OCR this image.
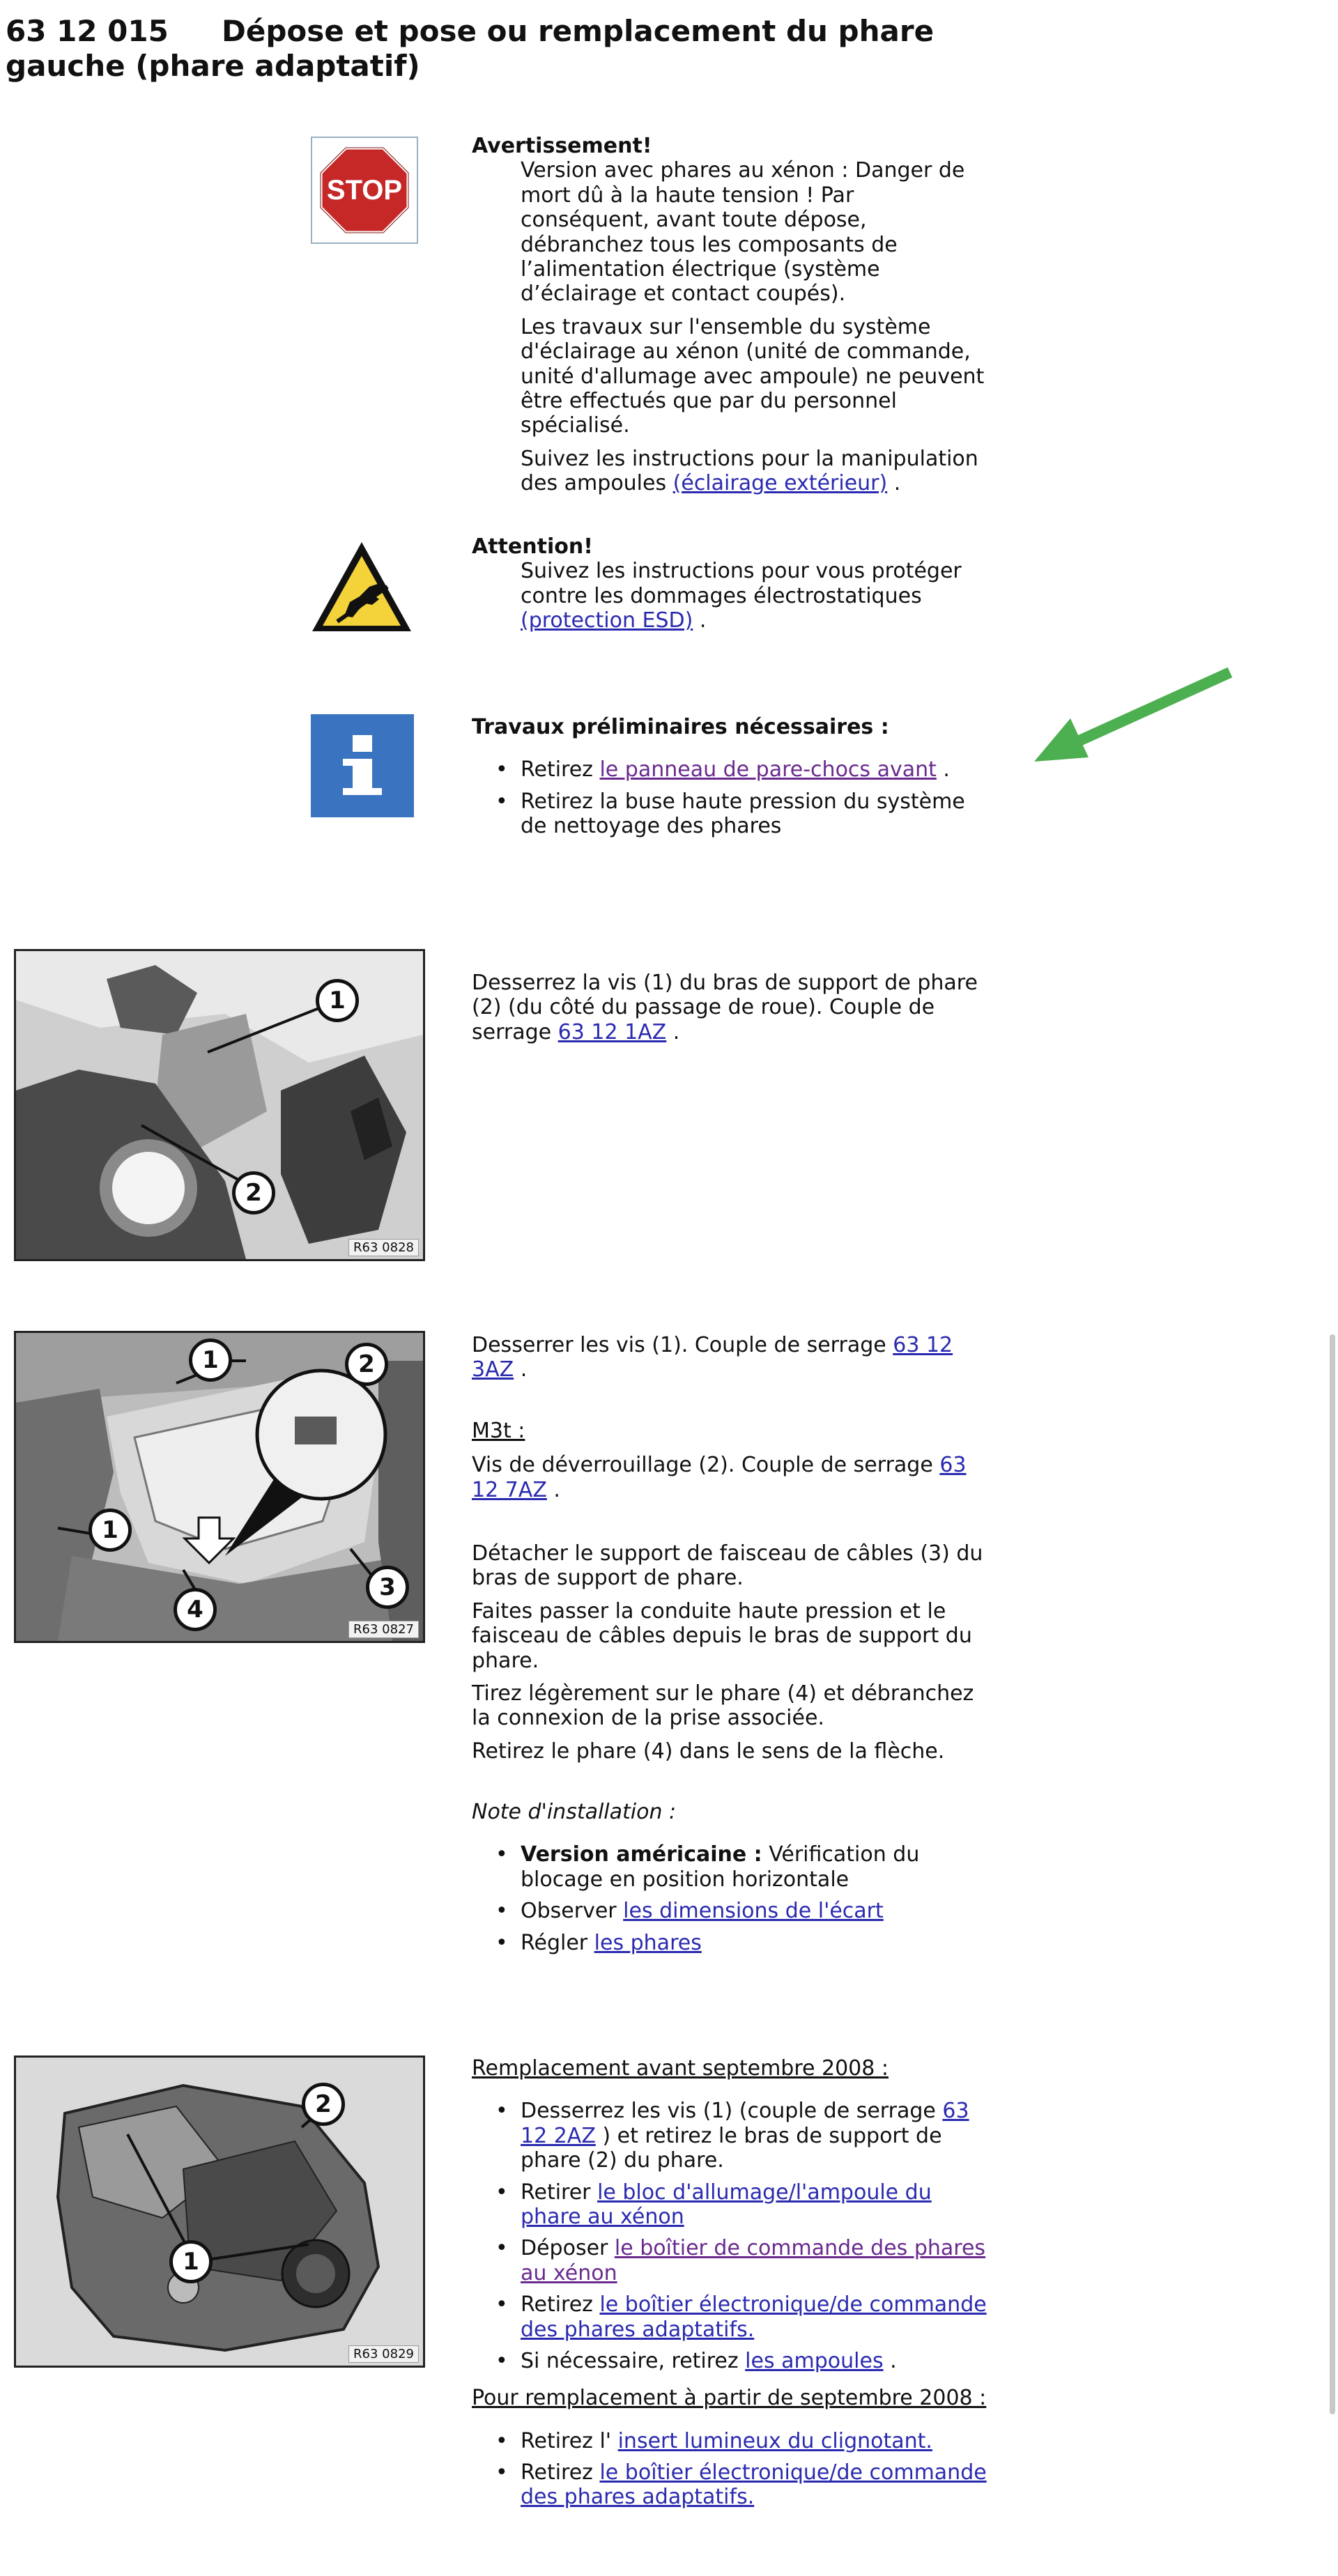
63 12 015 Dépose et pose ou remplacement du phare gauche (phare adaptatif)
STOP
Avertissement!

Version avec phares au xénon : Danger de mort dû à la haute tension ! Par conséquent, avant toute dépose, débranchez tous les composants de l’alimentation électrique (système d’éclairage et contact coupés).

Les travaux sur l'ensemble du système d'éclairage au xénon (unité de commande, unité d'allumage avec ampoule) ne peuvent être effectués que par du personnel spécialisé.

Suivez les instructions pour la manipulation des ampoules (éclairage extérieur) .

Attention!

Suivez les instructions pour vous protéger contre les dommages électrostatiques (protection ESD) .

Travaux préliminaires nécessaires :
• Retirez le panneau de pare-chocs avant .
• Retirez la buse haute pression du système de nettoyage des phares
1
2
R63 0828

Desserrez la vis (1) du bras de support de phare (2) (du côté du passage de roue). Couple de serrage 63 12 1AZ .

1	2
1
4
3
R63 0827

Desserrer les vis (1). Couple de serrage 63 12 3AZ .

M3t :

Vis de déverrouillage (2). Couple de serrage 63 12 7AZ .

Détacher le support de faisceau de câbles (3) du bras de support de phare.

Faites passer la conduite haute pression et le faisceau de câbles depuis le bras de support du phare.

Tirez légèrement sur le phare (4) et débranchez la connexion de la prise associée.

Retirez le phare (4) dans le sens de la flèche.

Note d'installation :

• Version américaine : Vérification du blocage en position horizontale
• Observer les dimensions de l'écart
• Régler les phares
2
1
R63 0829

Remplacement avant septembre 2008 :

• Desserrez les vis (1) (couple de serrage 63 12 2AZ ) et retirez le bras de support de phare (2) du phare.
• Retirer le bloc d'allumage/l'ampoule du phare au xénon
• Déposer le boîtier de commande des phares au xénon
• Retirez le boîtier électronique/de commande des phares adaptatifs.
• Si nécessaire, retirez les ampoules .

Pour remplacement à partir de septembre 2008 :

• Retirez l' insert lumineux du clignotant.
• Retirez le boîtier électronique/de commande des phares adaptatifs.
